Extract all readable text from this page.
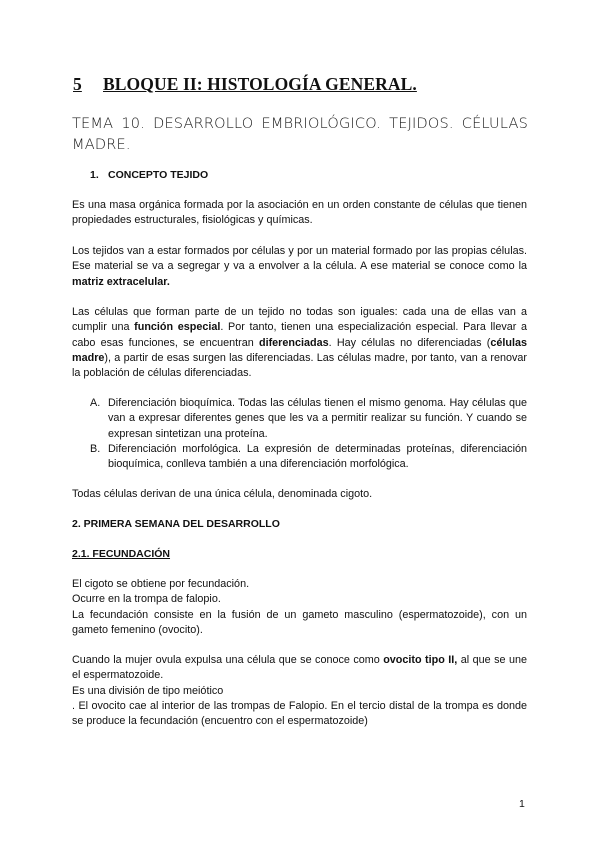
5 BLOQUE II: HISTOLOGÍA GENERAL.

TEMA 10. DESARROLLO EMBRIOLÓGICO. TEJIDOS. CÉLULAS MADRE.

1. CONCEPTO TEJIDO

Es una masa orgánica formada por la asociación en un orden constante de células que tienen propiedades estructurales, fisiológicas y químicas.

Los tejidos van a estar formados por células y por un material formado por las propias células. Ese material se va a segregar y va a envolver a la célula. A ese material se conoce como la matriz extracelular.

Las células que forman parte de un tejido no todas son iguales: cada una de ellas van a cumplir una función especial. Por tanto, tienen una especialización especial. Para llevar a cabo esas funciones, se encuentran diferenciadas. Hay células no diferenciadas (células madre), a partir de esas surgen las diferenciadas. Las células madre, por tanto, van a renovar la población de células diferenciadas.

A. Diferenciación bioquímica. Todas las células tienen el mismo genoma. Hay células que van a expresar diferentes genes que les va a permitir realizar su función. Y cuando se expresan sintetizan una proteína.
B. Diferenciación morfológica. La expresión de determinadas proteínas, diferenciación bioquímica, conlleva también a una diferenciación morfológica.

Todas células derivan de una única célula, denominada cigoto.

2. PRIMERA SEMANA DEL DESARROLLO
2.1. FECUNDACIÓN

El cigoto se obtiene por fecundación.
Ocurre en la trompa de falopio.
La fecundación consiste en la fusión de un gameto masculino (espermatozoide), con un gameto femenino (ovocito).

Cuando la mujer ovula expulsa una célula que se conoce como ovocito tipo II, al que se une el espermatozoide.
Es una división de tipo meiótico
. El ovocito cae al interior de las trompas de Falopio. En el tercio distal de la trompa es donde se produce la fecundación (encuentro con el espermatozoide)

1
